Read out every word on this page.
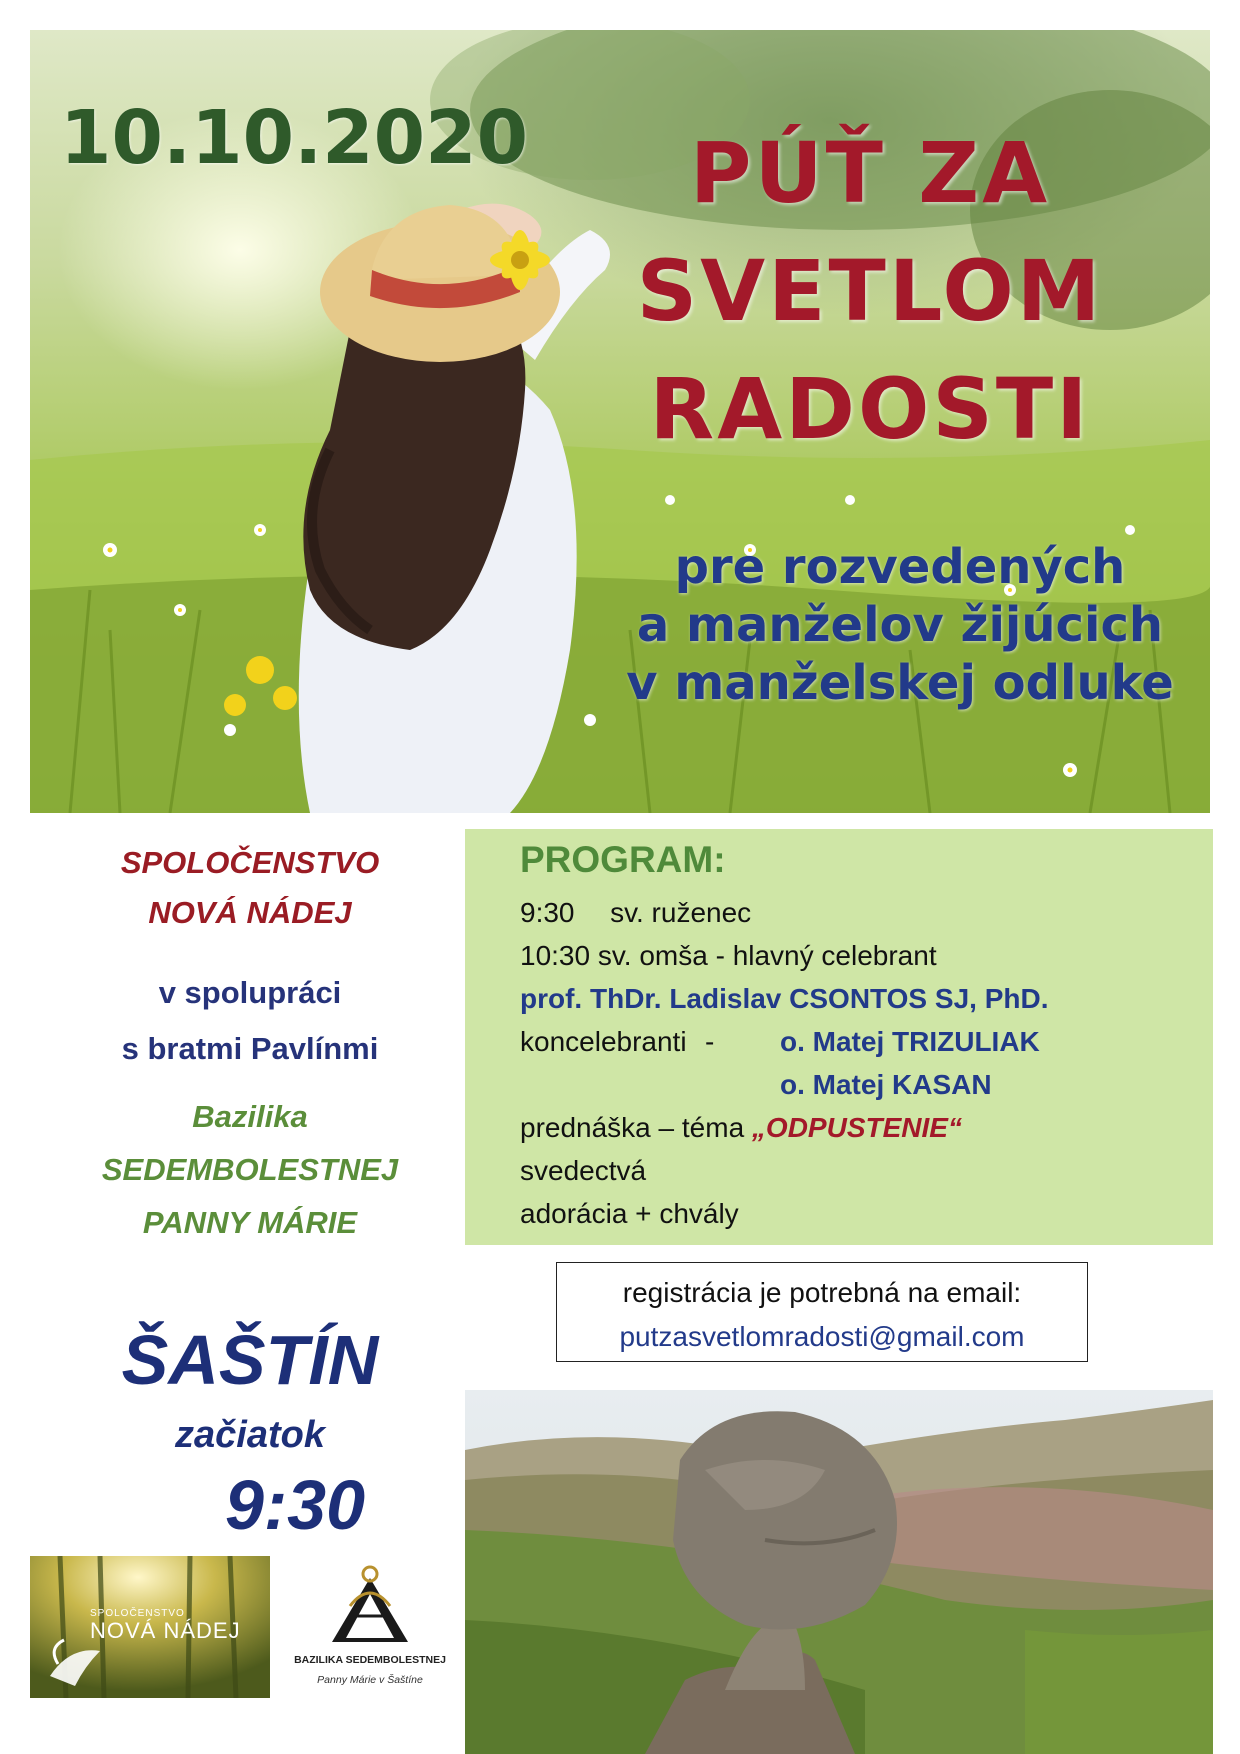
10.10.2020	PÚŤ ZA
SVETLOM
RADOSTI
pre rozvedených
a manželov žijúcich
v manželskej odluke
SPOLOČENSTVO
NOVÁ NÁDEJ
v spolupráci
s bratmi Pavlínmi
Bazilika
SEDEMBOLESTNEJ
PANNY MÁRIE
ŠAŠTÍN
začiatok
9:30
PROGRAM:
9:30 sv. ruženec
10:30 sv. omša - hlavný celebrant
prof. ThDr. Ladislav CSONTOS SJ, PhD.
koncelebranti - o. Matej TRIZULIAK
o. Matej KASAN
prednáška – téma „ODPUSTENIE“
svedectvá
adorácia + chvály
registrácia je potrebná na email:
putzasvetlomradosti@gmail.com
SPOLOČENSTVO
NOVÁ NÁDEJ
BAZILIKA SEDEMBOLESTNEJ
Panny Márie v Šaštíne
